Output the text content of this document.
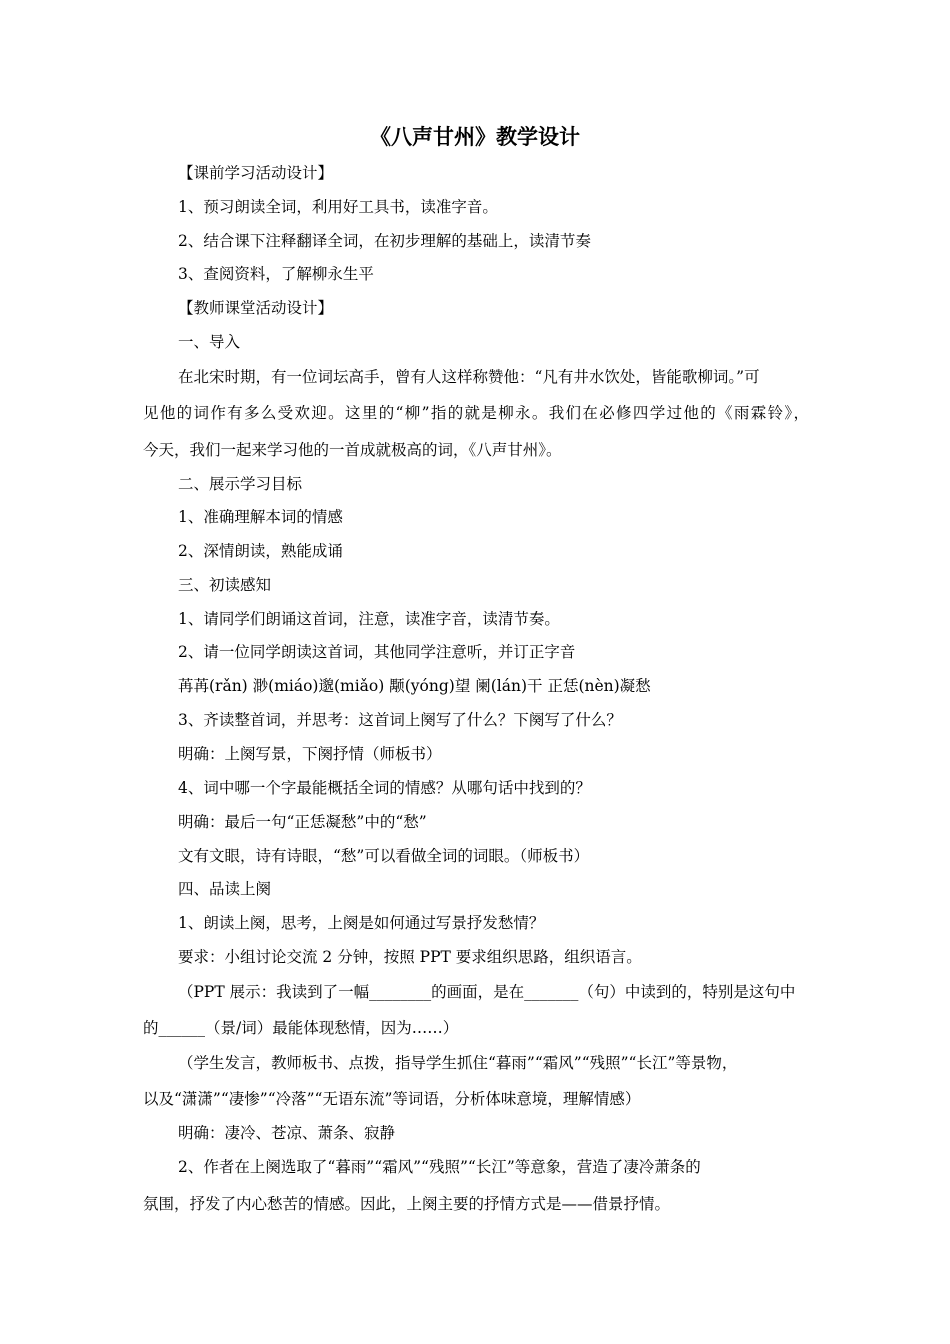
《八声甘州》教学设计
【课前学习活动设计】
1、预习朗读全词，利用好工具书，读准字音。
2、结合课下注释翻译全词，在初步理解的基础上，读清节奏
3、查阅资料，了解柳永生平
【教师课堂活动设计】
一、导入
在北宋时期，有一位词坛高手，曾有人这样称赞他：“凡有井水饮处，皆能歌柳词。”可
见他的词作有多么受欢迎。这里的“柳”指的就是柳永。我们在必修四学过他的《雨霖铃》，
今天，我们一起来学习他的一首成就极高的词，《八声甘州》。
二、展示学习目标
1、准确理解本词的情感
2、深情朗读，熟能成诵
三、初读感知
1、请同学们朗诵这首词，注意，读准字音，读清节奏。
2、请一位同学朗读这首词，其他同学注意听，并订正字音
苒苒(rǎn) 渺(miáo)邈(miǎo) 颙(yóng)望 阑(lán)干 正恁(nèn)凝愁
3、齐读整首词，并思考：这首词上阕写了什么？下阕写了什么？
明确：上阕写景，下阕抒情（师板书）
4、词中哪一个字最能概括全词的情感？从哪句话中找到的？
明确：最后一句“正恁凝愁”中的“愁”
文有文眼，诗有诗眼，“愁”可以看做全词的词眼。（师板书）
四、品读上阕
1、朗读上阕，思考，上阕是如何通过写景抒发愁情？
要求：小组讨论交流 2 分钟，按照 PPT 要求组织思路，组织语言。
（PPT 展示：我读到了一幅________的画面，是在_______（句）中读到的，特别是这句中
的______（景/词）最能体现愁情，因为……）
（学生发言，教师板书、点拨，指导学生抓住“暮雨”“霜风”“残照”“长江”等景物，
以及“潇潇”“凄惨”“冷落”“无语东流”等词语，分析体味意境，理解情感）
明确：凄冷、苍凉、萧条、寂静
2、作者在上阕选取了“暮雨”“霜风”“残照”“长江”等意象，营造了凄冷萧条的
氛围，抒发了内心愁苦的情感。因此，上阕主要的抒情方式是——借景抒情。
